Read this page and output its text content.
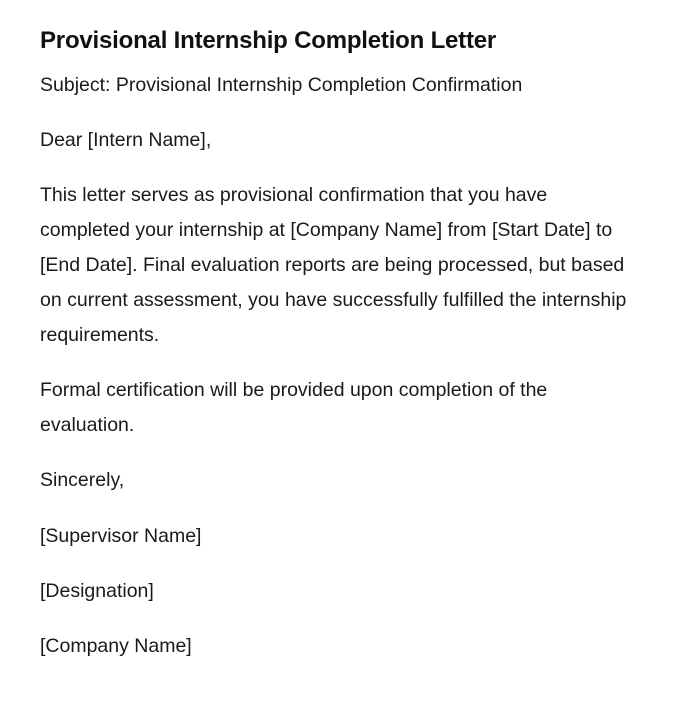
Provisional Internship Completion Letter

Subject: Provisional Internship Completion Confirmation

Dear [Intern Name],

This letter serves as provisional confirmation that you have completed your internship at [Company Name] from [Start Date] to [End Date]. Final evaluation reports are being processed, but based on current assessment, you have successfully fulfilled the internship requirements.

Formal certification will be provided upon completion of the evaluation.

Sincerely,

[Supervisor Name]

[Designation]

[Company Name]
